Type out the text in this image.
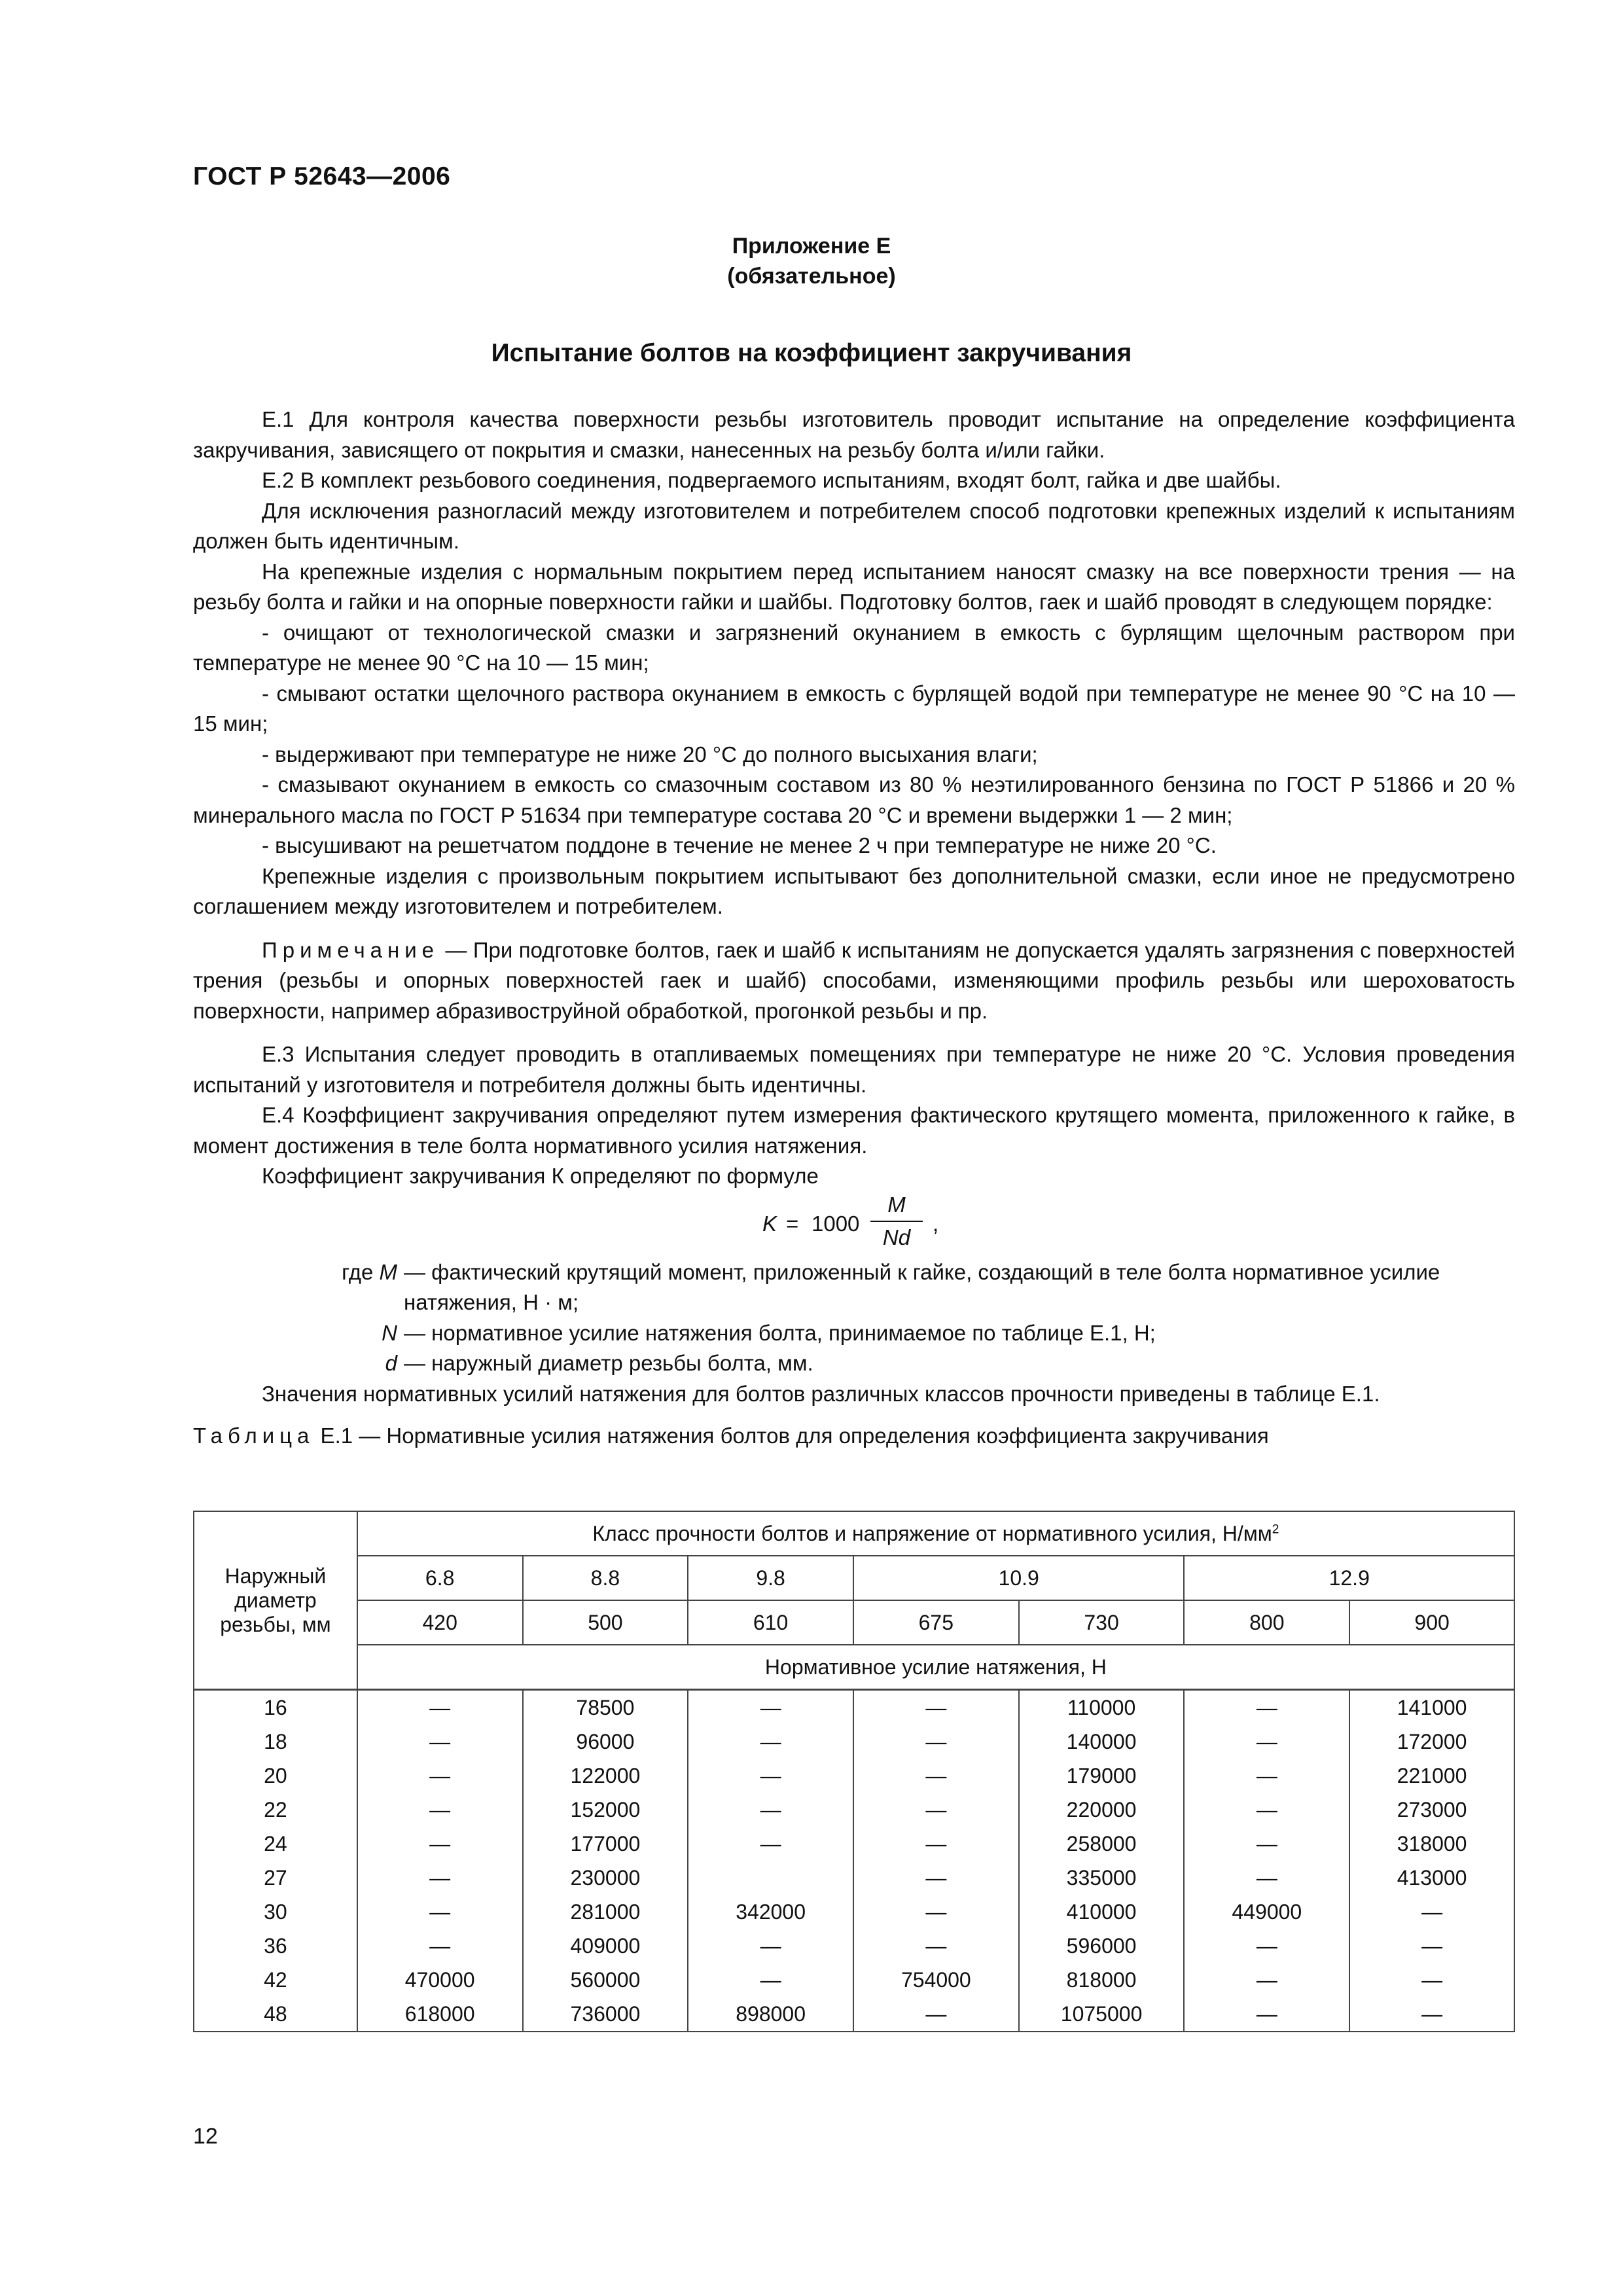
ГОСТ Р 52643—2006
Приложение Е
(обязательное)
Испытание болтов на коэффициент закручивания

Е.1 Для контроля качества поверхности резьбы изготовитель проводит испытание на определение коэффициента закручивания, зависящего от покрытия и смазки, нанесенных на резьбу болта и/или гайки.

Е.2 В комплект резьбового соединения, подвергаемого испытаниям, входят болт, гайка и две шайбы.

Для исключения разногласий между изготовителем и потребителем способ подготовки крепежных изделий к испытаниям должен быть идентичным.

На крепежные изделия с нормальным покрытием перед испытанием наносят смазку на все поверхности трения — на резьбу болта и гайки и на опорные поверхности гайки и шайбы. Подготовку болтов, гаек и шайб проводят в следующем порядке:

- очищают от технологической смазки и загрязнений окунанием в емкость с бурлящим щелочным раствором при температуре не менее 90 °С на 10 — 15 мин;

- смывают остатки щелочного раствора окунанием в емкость с бурлящей водой при температуре не менее 90 °С на 10 — 15 мин;

- выдерживают при температуре не ниже 20 °С до полного высыхания влаги;

- смазывают окунанием в емкость со смазочным составом из 80 % неэтилированного бензина по ГОСТ Р 51866 и 20 % минерального масла по ГОСТ Р 51634 при температуре состава 20 °С и времени выдержки 1 — 2 мин;

- высушивают на решетчатом поддоне в течение не менее 2 ч при температуре не ниже 20 °С.

Крепежные изделия с произвольным покрытием испытывают без дополнительной смазки, если иное не предусмотрено соглашением между изготовителем и потребителем.

Примечание — При подготовке болтов, гаек и шайб к испытаниям не допускается удалять загрязнения с поверхностей трения (резьбы и опорных поверхностей гаек и шайб) способами, изменяющими профиль резьбы или шероховатость поверхности, например абразивоструйной обработкой, прогонкой резьбы и пр.

Е.3 Испытания следует проводить в отапливаемых помещениях при температуре не ниже 20 °С. Условия проведения испытаний у изготовителя и потребителя должны быть идентичны.

Е.4 Коэффициент закручивания определяют путем измерения фактического крутящего момента, приложенного к гайке, в момент достижения в теле болта нормативного усилия натяжения.

Коэффициент закручивания К определяют по формуле

K = 1000
M
Nd
,
где M — фактический крутящий момент, приложенный к гайке, создающий в теле болта нормативное усилие натяжения, Н · м;
N — нормативное усилие натяжения болта, принимаемое по таблице Е.1, Н;
d — наружный диаметр резьбы болта, мм.

Значения нормативных усилий натяжения для болтов различных классов прочности приведены в таблице Е.1.

Таблица Е.1 — Нормативные усилия натяжения болтов для определения коэффициента закручивания

Наружный диаметр резьбы, мм	Класс прочности болтов и напряжение от нормативного усилия, $Н/мм^2$
	6.8	8.8	9.8	10.9		12.9	
	420	500	610	675	730	800	900
	Нормативное усилие натяжения, Н						
16	—	78500	—	—	110000	—	141000
18	—	96000	—	—	140000	—	172000
20	—	122000	—	—	179000	—	221000
22	—	152000	—	—	220000	—	273000
24	—	177000	—	—	258000	—	318000
27	—	230000		—	335000	—	413000
30	—	281000	342000	—	410000	449000	—
36	—	409000	—	—	596000	—	—
42	470000	560000	—	754000	818000	—	—
48	618000	736000	898000	—	1075000	—	—
12
